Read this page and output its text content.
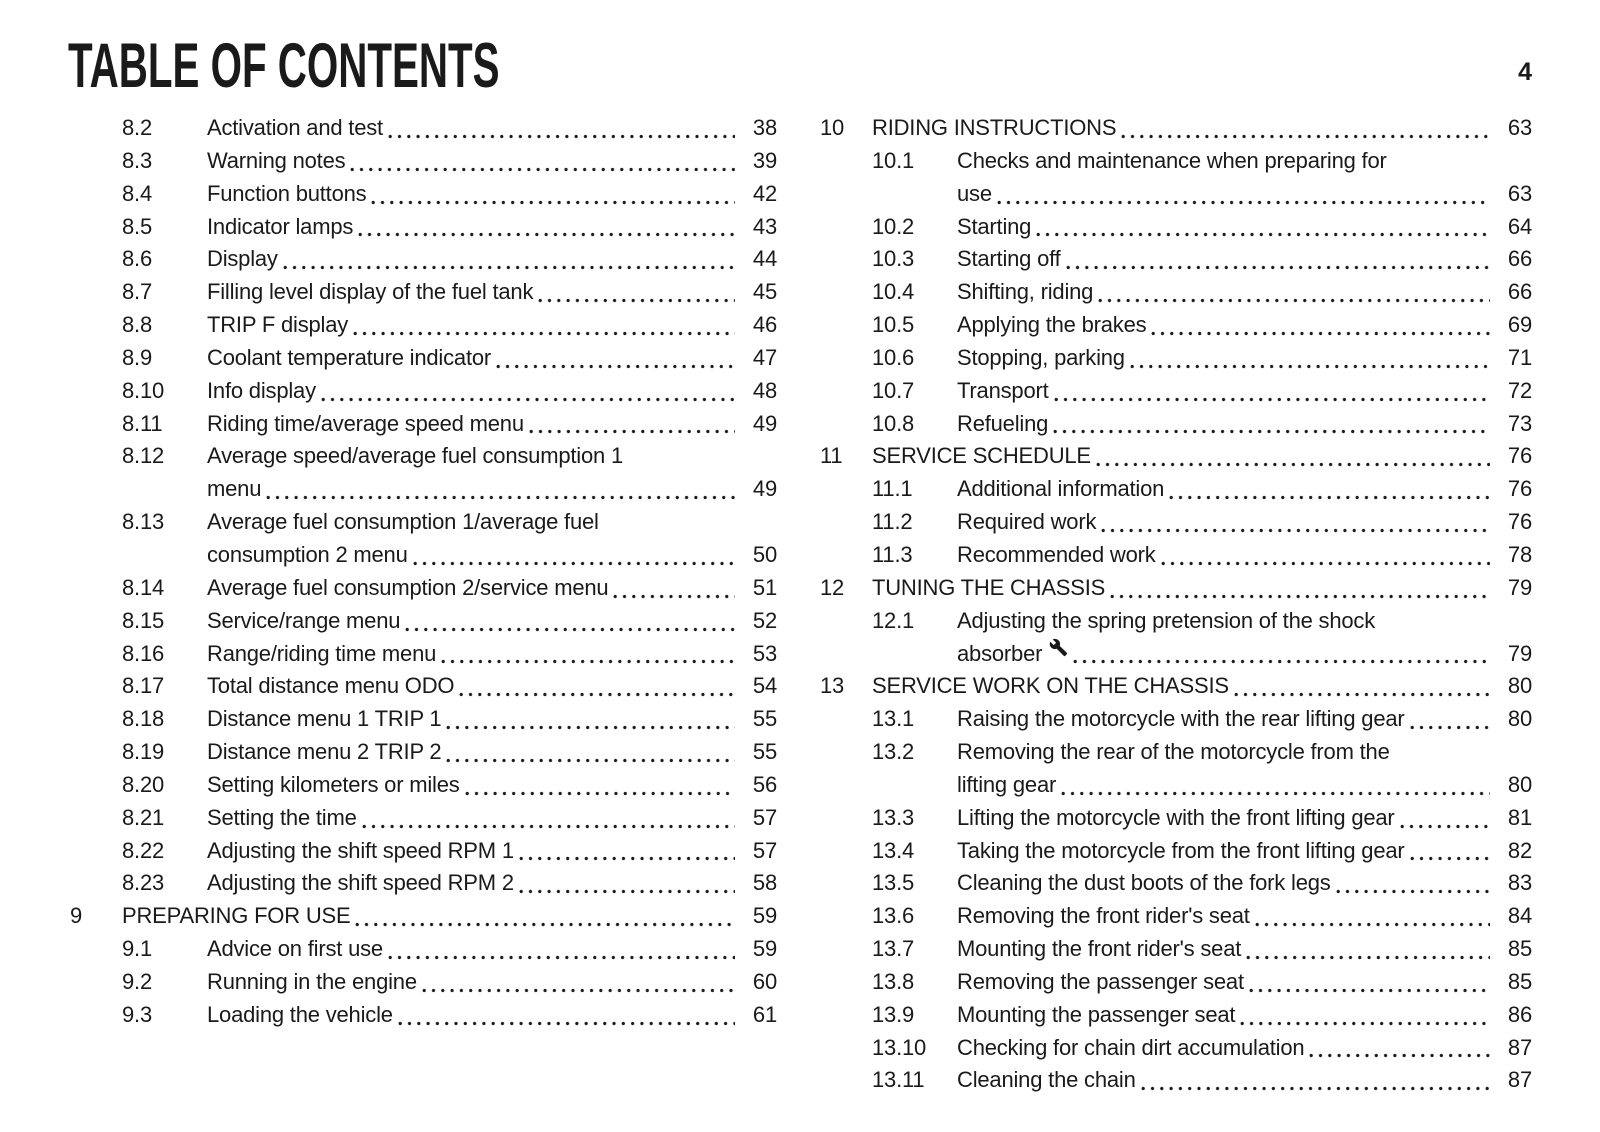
TABLE OF CONTENTS	4
8.2	Activation and test	38
8.3	Warning notes	39
8.4	Function buttons	42
8.5	Indicator lamps	43
8.6	Display	44
8.7	Filling level display of the fuel tank	45
8.8	TRIP F display	46
8.9	Coolant temperature indicator	47
8.10	Info display	48
8.11	Riding time/average speed menu	49
8.12	Average speed/average fuel consumption 1
menu	49
8.13	Average fuel consumption 1/average fuel
consumption 2 menu	50
8.14	Average fuel consumption 2/service menu	51
8.15	Service/range menu	52
8.16	Range/riding time menu	53
8.17	Total distance menu ODO	54
8.18	Distance menu 1 TRIP 1	55
8.19	Distance menu 2 TRIP 2	55
8.20	Setting kilometers or miles	56
8.21	Setting the time	57
8.22	Adjusting the shift speed RPM 1	57
8.23	Adjusting the shift speed RPM 2	58
9	PREPARING FOR USE	59
9.1	Advice on first use	59
9.2	Running in the engine	60
9.3	Loading the vehicle	61
10	RIDING INSTRUCTIONS	63
10.1	Checks and maintenance when preparing for
use	63
10.2	Starting	64
10.3	Starting off	66
10.4	Shifting, riding	66
10.5	Applying the brakes	69
10.6	Stopping, parking	71
10.7	Transport	72
10.8	Refueling	73
11	SERVICE SCHEDULE	76
11.1	Additional information	76
11.2	Required work	76
11.3	Recommended work	78
12	TUNING THE CHASSIS	79
12.1	Adjusting the spring pretension of the shock
absorber	79
13	SERVICE WORK ON THE CHASSIS	80
13.1	Raising the motorcycle with the rear lifting gear	80
13.2	Removing the rear of the motorcycle from the
lifting gear	80
13.3	Lifting the motorcycle with the front lifting gear	81
13.4	Taking the motorcycle from the front lifting gear	82
13.5	Cleaning the dust boots of the fork legs	83
13.6	Removing the front rider's seat	84
13.7	Mounting the front rider's seat	85
13.8	Removing the passenger seat	85
13.9	Mounting the passenger seat	86
13.10	Checking for chain dirt accumulation	87
13.11	Cleaning the chain	87
